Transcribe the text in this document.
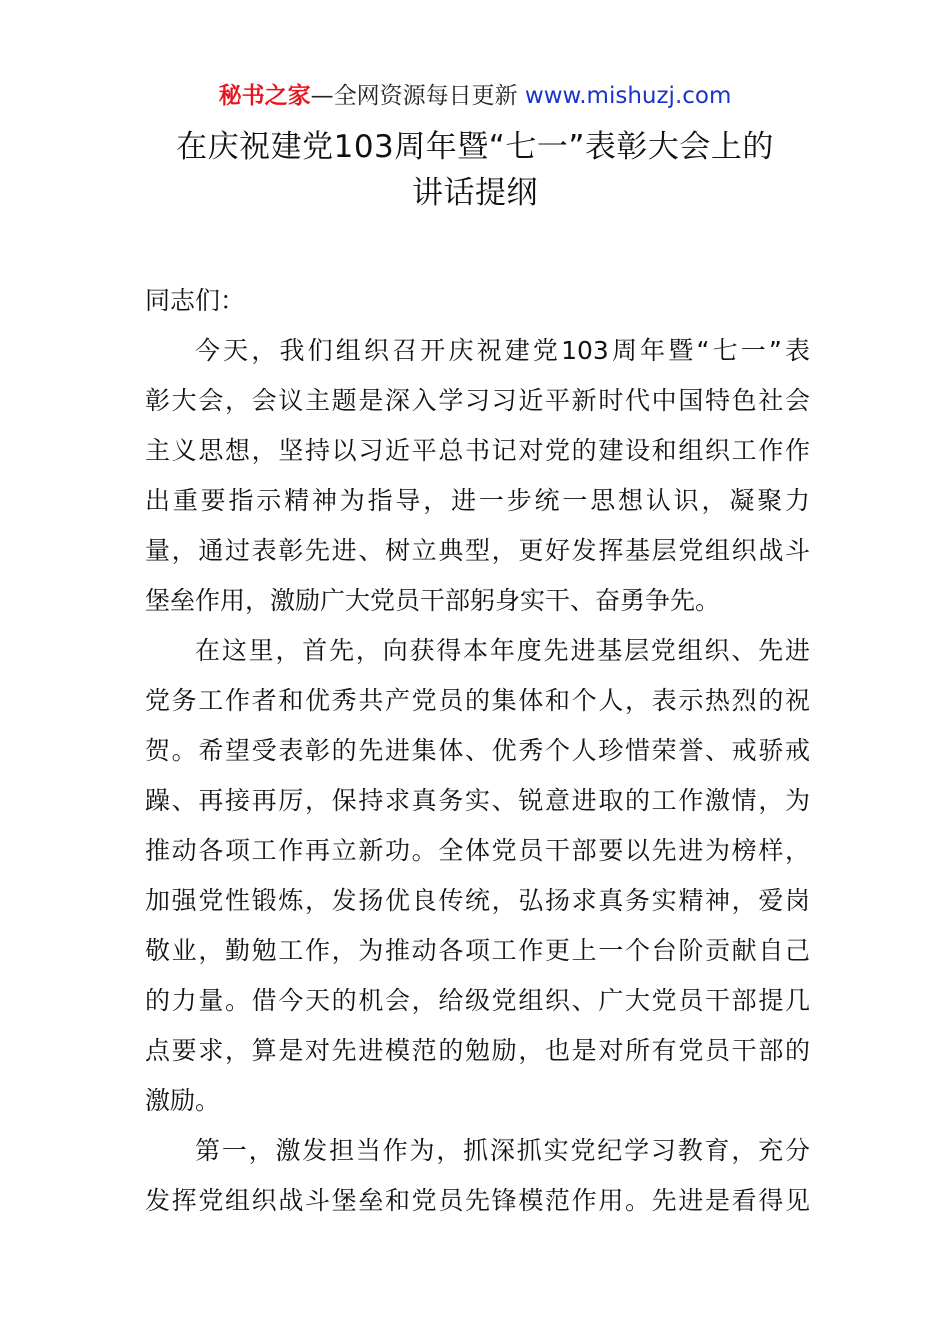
秘书之家—全网资源每日更新 www.mishuzj.com
在庆祝建党103周年暨“七一”表彰大会上的
讲话提纲
同志们：
今天，我们组织召开庆祝建党103周年暨“七一”表
彰大会，会议主题是深入学习习近平新时代中国特色社会
主义思想，坚持以习近平总书记对党的建设和组织工作作
出重要指示精神为指导，进一步统一思想认识，凝聚力
量，通过表彰先进、树立典型，更好发挥基层党组织战斗
堡垒作用，激励广大党员干部躬身实干、奋勇争先。
在这里，首先，向获得本年度先进基层党组织、先进
党务工作者和优秀共产党员的集体和个人，表示热烈的祝
贺。希望受表彰的先进集体、优秀个人珍惜荣誉、戒骄戒
躁、再接再厉，保持求真务实、锐意进取的工作激情，为
推动各项工作再立新功。全体党员干部要以先进为榜样，
加强党性锻炼，发扬优良传统，弘扬求真务实精神，爱岗
敬业，勤勉工作，为推动各项工作更上一个台阶贡献自己
的力量。借今天的机会，给级党组织、广大党员干部提几
点要求，算是对先进模范的勉励，也是对所有党员干部的
激励。
第一，激发担当作为，抓深抓实党纪学习教育，充分
发挥党组织战斗堡垒和党员先锋模范作用。先进是看得见
